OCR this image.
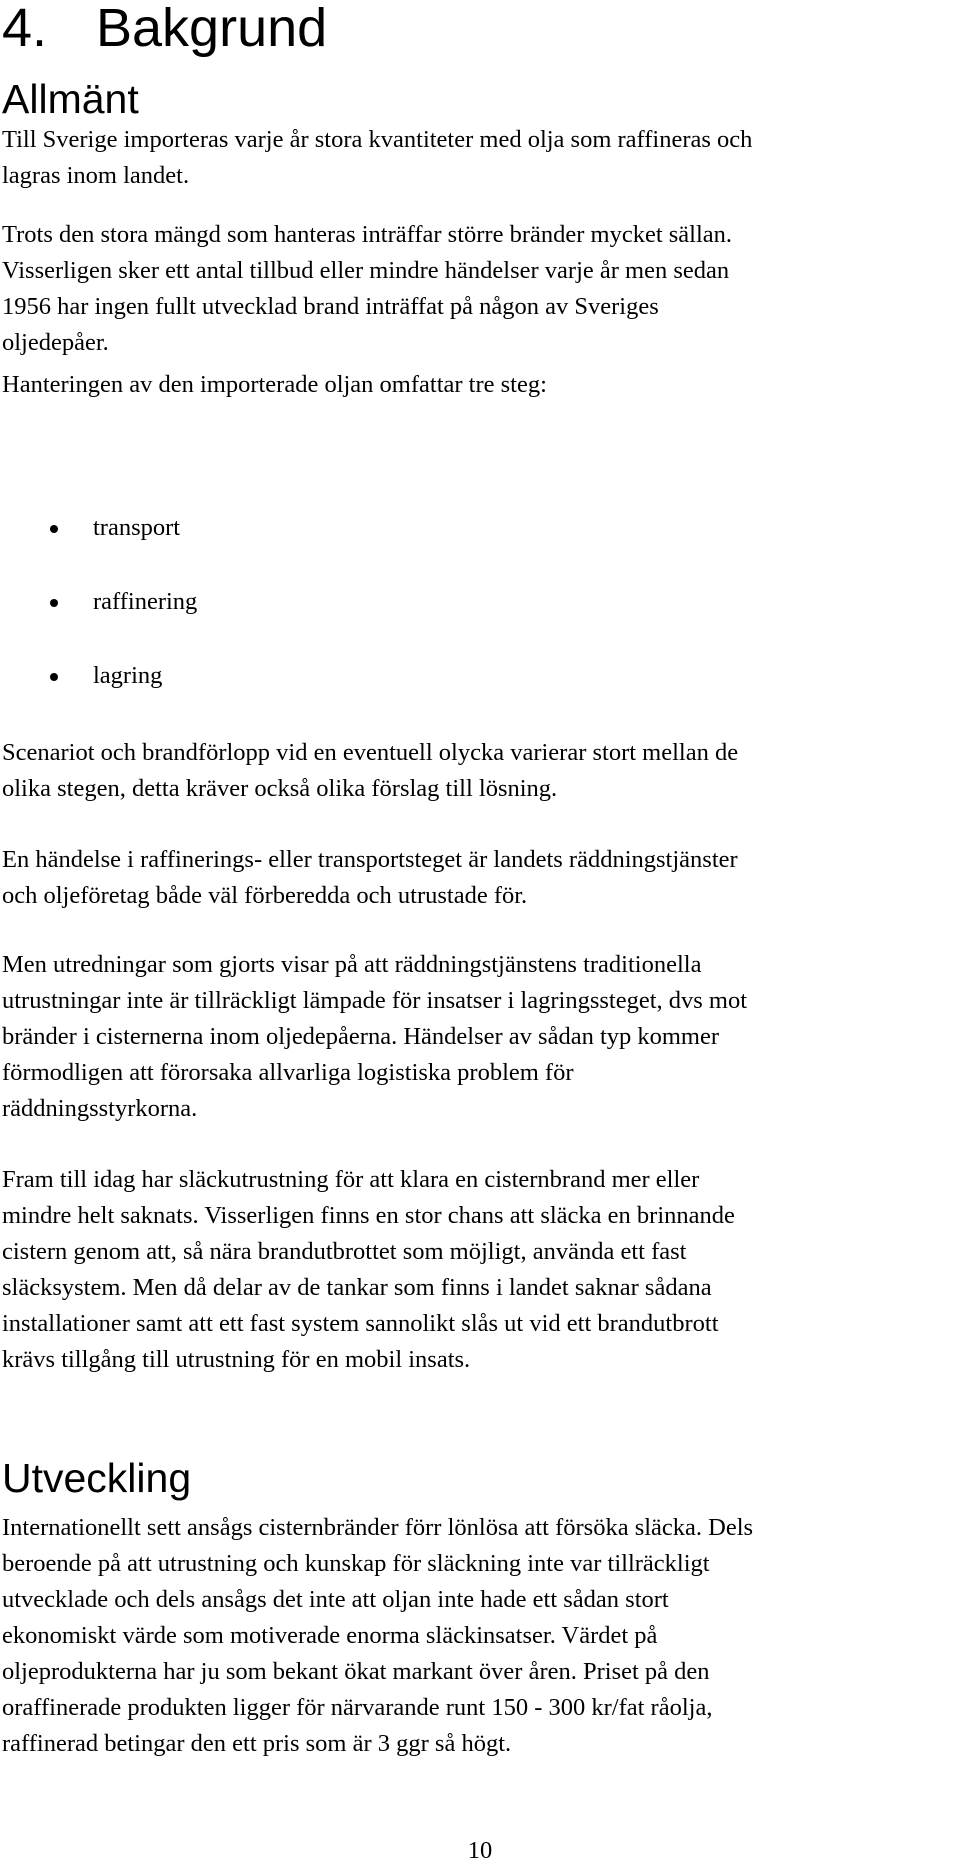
4. Bakgrund
Allmänt

Till Sverige importeras varje år stora kvantiteter med olja som raffineras och
lagras inom landet.

Trots den stora mängd som hanteras inträffar större bränder mycket sällan.
Visserligen sker ett antal tillbud eller mindre händelser varje år men sedan
1956 har ingen fullt utvecklad brand inträffat på någon av Sveriges
oljedepåer.

Hanteringen av den importerade oljan omfattar tre steg:

transport
raffinering
lagring

Scenariot och brandförlopp vid en eventuell olycka varierar stort mellan de
olika stegen, detta kräver också olika förslag till lösning.

En händelse i raffinerings- eller transportsteget är landets räddningstjänster
och oljeföretag både väl förberedda och utrustade för.

Men utredningar som gjorts visar på att räddningstjänstens traditionella
utrustningar inte är tillräckligt lämpade för insatser i lagringssteget, dvs mot
bränder i cisternerna inom oljedepåerna. Händelser av sådan typ kommer
förmodligen att förorsaka allvarliga logistiska problem för
räddningsstyrkorna.

Fram till idag har släckutrustning för att klara en cisternbrand mer eller
mindre helt saknats. Visserligen finns en stor chans att släcka en brinnande
cistern genom att, så nära brandutbrottet som möjligt, använda ett fast
släcksystem. Men då delar av de tankar som finns i landet saknar sådana
installationer samt att ett fast system sannolikt slås ut vid ett brandutbrott
krävs tillgång till utrustning för en mobil insats.

Utveckling

Internationellt sett ansågs cisternbränder förr lönlösa att försöka släcka. Dels
beroende på att utrustning och kunskap för släckning inte var tillräckligt
utvecklade och dels ansågs det inte att oljan inte hade ett sådan stort
ekonomiskt värde som motiverade enorma släckinsatser. Värdet på
oljeprodukterna har ju som bekant ökat markant över åren. Priset på den
oraffinerade produkten ligger för närvarande runt 150 - 300 kr/fat råolja,
raffinerad betingar den ett pris som är 3 ggr så högt.

10
